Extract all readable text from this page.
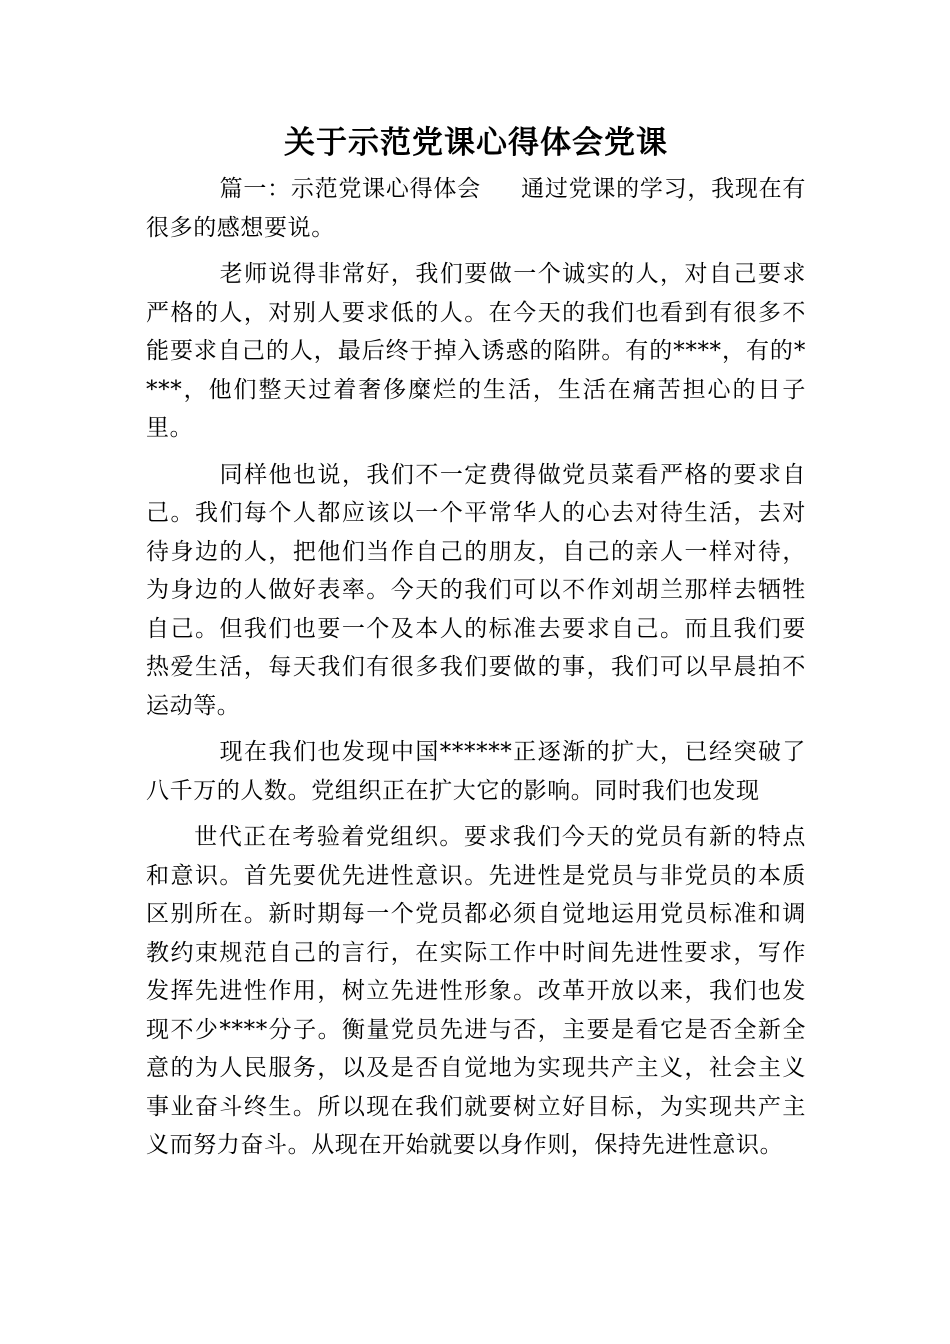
关于示范党课心得体会党课

篇一：示范党课心得体会 通过党课的学习，我现在有很多的感想要说。

老师说得非常好，我们要做一个诚实的人，对自己要求严格的人，对别人要求低的人。在今天的我们也看到有很多不能要求自己的人，最后终于掉入诱惑的陷阱。有的****，有的****，他们整天过着奢侈糜烂的生活，生活在痛苦担心的日子里。

同样他也说，我们不一定费得做党员菜看严格的要求自己。我们每个人都应该以一个平常华人的心去对待生活，去对待身边的人，把他们当作自己的朋友，自己的亲人一样对待，为身边的人做好表率。今天的我们可以不作刘胡兰那样去牺牲自己。但我们也要一个及本人的标准去要求自己。而且我们要热爱生活，每天我们有很多我们要做的事，我们可以早晨拍不运动等。

现在我们也发现中国******正逐渐的扩大，已经突破了八千万的人数。党组织正在扩大它的影响。同时我们也发现

世代正在考验着党组织。要求我们今天的党员有新的特点和意识。首先要优先进性意识。先进性是党员与非党员的本质区别所在。新时期每一个党员都必须自觉地运用党员标准和调教约束规范自己的言行，在实际工作中时间先进性要求，写作发挥先进性作用，树立先进性形象。改革开放以来，我们也发现不少****分子。衡量党员先进与否，主要是看它是否全新全意的为人民服务，以及是否自觉地为实现共产主义，社会主义事业奋斗终生。所以现在我们就要树立好目标，为实现共产主义而努力奋斗。从现在开始就要以身作则，保持先进性意识。
